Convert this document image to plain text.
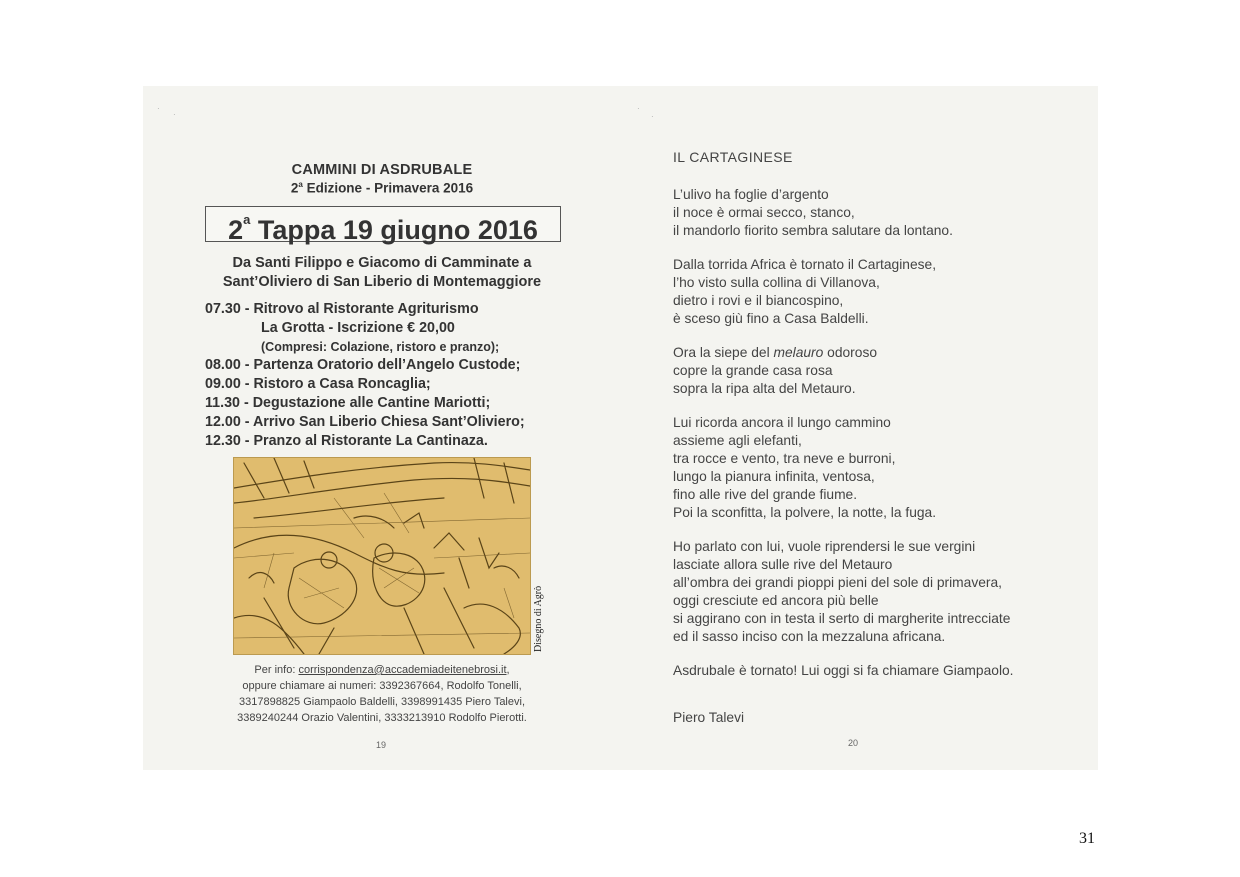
·
·
CAMMINI DI ASDRUBALE
2$^a$ Edizione - Primavera 2016
2$^a$ Tappa 19 giugno 2016
Da Santi Filippo e Giacomo di Camminate a
Sant’Oliviero di San Liberio di Montemaggiore
07.30 - Ritrovo al Ristorante Agriturismo
La Grotta - Iscrizione € 20,00
(Compresi: Colazione, ristoro e pranzo);
08.00 - Partenza Oratorio dell’Angelo Custode;
09.00 - Ristoro a Casa Roncaglia;
11.30 - Degustazione alle Cantine Mariotti;
12.00 - Arrivo San Liberio Chiesa Sant’Oliviero;
12.30 - Pranzo al Ristorante La Cantinaza.
Disegno di Agrò
Per info: corrispondenza@accademiadeitenebrosi.it,
oppure chiamare ai numeri: 3392367664, Rodolfo Tonelli,
3317898825 Giampaolo Baldelli, 3398991435 Piero Talevi,
3389240244 Orazio Valentini, 3333213910 Rodolfo Pierotti.
19
·
·
IL CARTAGINESE
L’ulivo ha foglie d’argento
il noce è ormai secco, stanco,
il mandorlo fiorito sembra salutare da lontano.
Dalla torrida Africa è tornato il Cartaginese,
l’ho visto sulla collina di Villanova,
dietro i rovi e il biancospino,
è sceso giù fino a Casa Baldelli.
Ora la siepe del melauro odoroso
copre la grande casa rosa
sopra la ripa alta del Metauro.
Lui ricorda ancora il lungo cammino
assieme agli elefanti,
tra rocce e vento, tra neve e burroni,
lungo la pianura infinita, ventosa,
fino alle rive del grande fiume.
Poi la sconfitta, la polvere, la notte, la fuga.
Ho parlato con lui, vuole riprendersi le sue vergini
lasciate allora sulle rive del Metauro
all’ombra dei grandi pioppi pieni del sole di primavera,
oggi cresciute ed ancora più belle
si aggirano con in testa il serto di margherite intrecciate
ed il sasso inciso con la mezzaluna africana.
Asdrubale è tornato! Lui oggi si fa chiamare Giampaolo.
Piero Talevi
20
31
